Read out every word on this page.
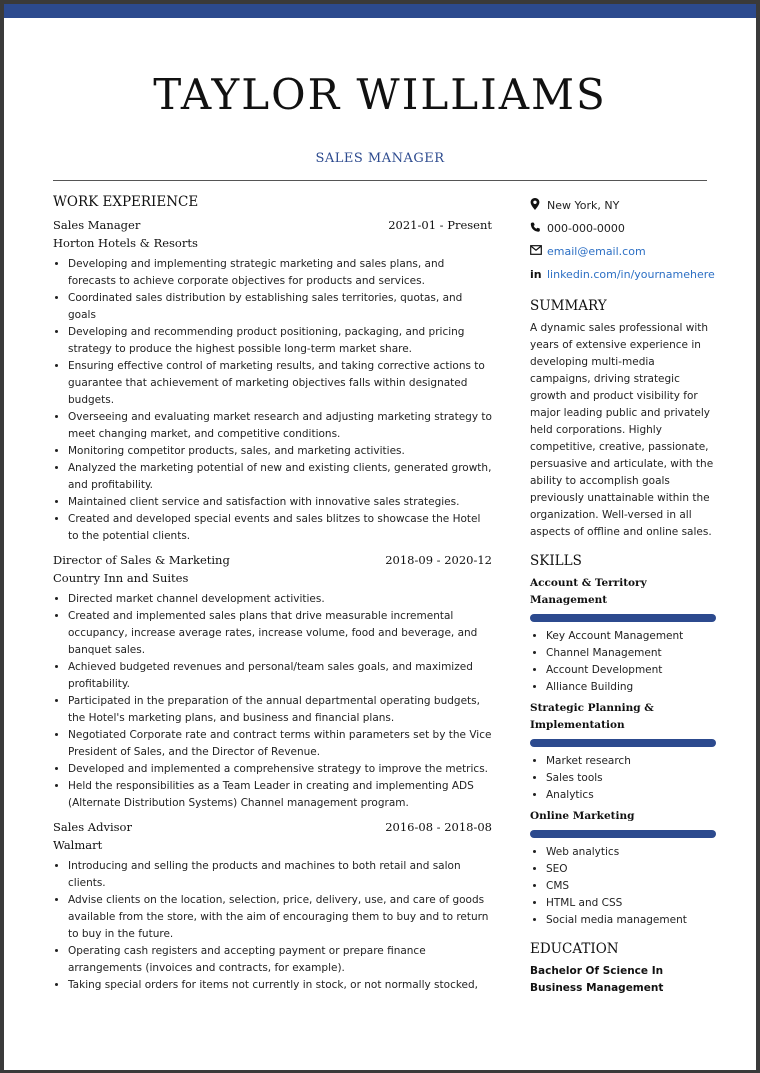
TAYLOR WILLIAMS
SALES MANAGER
WORK EXPERIENCE
Sales Manager	2021-01 - Present
Horton Hotels & Resorts
• Developing and implementing strategic marketing and sales plans, and forecasts to achieve corporate objectives for products and services.
• Coordinated sales distribution by establishing sales territories, quotas, and goals
• Developing and recommending product positioning, packaging, and pricing strategy to produce the highest possible long-term market share.
• Ensuring effective control of marketing results, and taking corrective actions to guarantee that achievement of marketing objectives falls within designated budgets.
• Overseeing and evaluating market research and adjusting marketing strategy to meet changing market, and competitive conditions.
• Monitoring competitor products, sales, and marketing activities.
• Analyzed the marketing potential of new and existing clients, generated growth, and profitability.
• Maintained client service and satisfaction with innovative sales strategies.
• Created and developed special events and sales blitzes to showcase the Hotel to the potential clients.
Director of Sales & Marketing	2018-09 - 2020-12
Country Inn and Suites
• Directed market channel development activities.
• Created and implemented sales plans that drive measurable incremental occupancy, increase average rates, increase volume, food and beverage, and banquet sales.
• Achieved budgeted revenues and personal/team sales goals, and maximized profitability.
• Participated in the preparation of the annual departmental operating budgets, the Hotel's marketing plans, and business and financial plans.
• Negotiated Corporate rate and contract terms within parameters set by the Vice President of Sales, and the Director of Revenue.
• Developed and implemented a comprehensive strategy to improve the metrics.
• Held the responsibilities as a Team Leader in creating and implementing ADS (Alternate Distribution Systems) Channel management program.
Sales Advisor	2016-08 - 2018-08
Walmart
• Introducing and selling the products and machines to both retail and salon clients.
• Advise clients on the location, selection, price, delivery, use, and care of goods available from the store, with the aim of encouraging them to buy and to return to buy in the future.
• Operating cash registers and accepting payment or prepare finance arrangements (invoices and contracts, for example).
• Taking special orders for items not currently in stock, or not normally stocked,
New York, NY
000-000-0000
email@email.com
in linkedin.com/in/yournamehere
SUMMARY

A dynamic sales professional with years of extensive experience in developing multi-media campaigns, driving strategic growth and product visibility for major leading public and privately held corporations. Highly competitive, creative, passionate, persuasive and articulate, with the ability to accomplish goals previously unattainable within the organization. Well-versed in all aspects of offline and online sales.

SKILLS
Account & Territory Management
• Key Account Management
• Channel Management
• Account Development
• Alliance Building
Strategic Planning & Implementation
• Market research
• Sales tools
• Analytics
Online Marketing
• Web analytics
• SEO
• CMS
• HTML and CSS
• Social media management
EDUCATION
Bachelor Of Science In Business Management
